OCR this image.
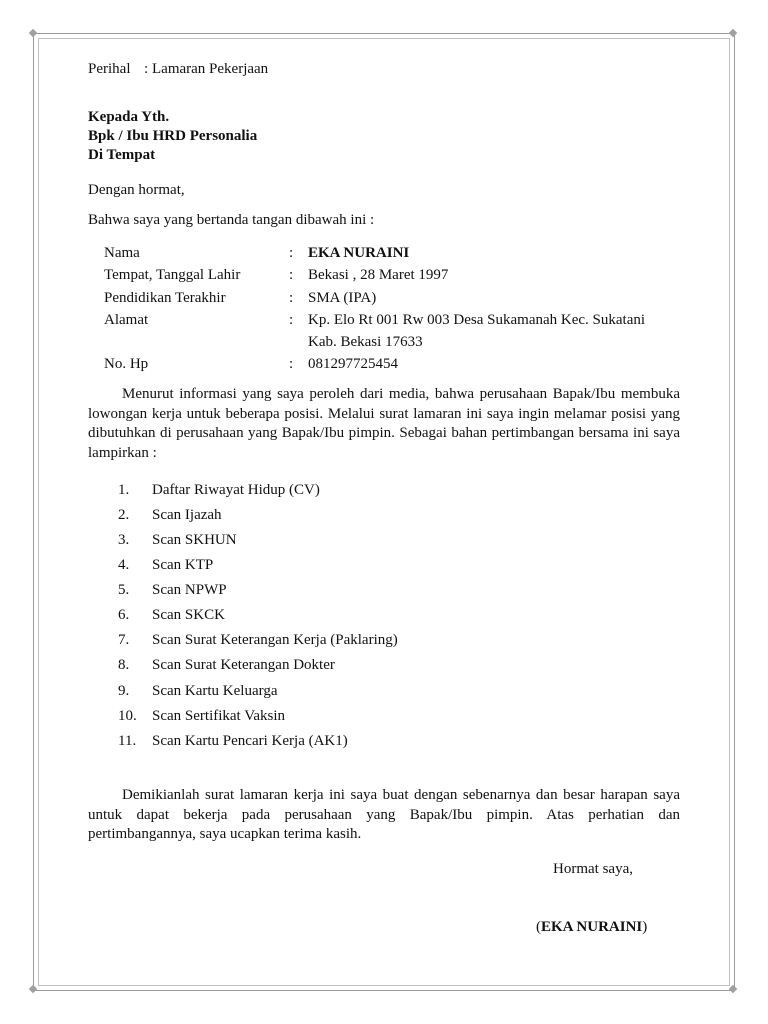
Perihal : Lamaran Pekerjaan
Kepada Yth.
Bpk / Ibu HRD Personalia
Di Tempat
Dengan hormat,
Bahwa saya yang bertanda tangan dibawah ini :
Nama	: EKA NURAINI
Tempat, Tanggal Lahir	: Bekasi , 28 Maret 1997
Pendidikan Terakhir	: SMA (IPA)
Alamat	: Kp. Elo Rt 001 Rw 003 Desa Sukamanah Kec. Sukatani
Kab. Bekasi 17633
No. Hp	: 081297725454

Menurut informasi yang saya peroleh dari media, bahwa perusahaan Bapak/Ibu membuka lowongan kerja untuk beberapa posisi. Melalui surat lamaran ini saya ingin melamar posisi yang dibutuhkan di perusahaan yang Bapak/Ibu pimpin. Sebagai bahan pertimbangan bersama ini saya lampirkan :

1.	Daftar Riwayat Hidup (CV)
2.	Scan Ijazah
3.	Scan SKHUN
4.	Scan KTP
5.	Scan NPWP
6.	Scan SKCK
7.	Scan Surat Keterangan Kerja (Paklaring)
8.	Scan Surat Keterangan Dokter
9.	Scan Kartu Keluarga
10.	Scan Sertifikat Vaksin
11.	Scan Kartu Pencari Kerja (AK1)

Demikianlah surat lamaran kerja ini saya buat dengan sebenarnya dan besar harapan saya untuk dapat bekerja pada perusahaan yang Bapak/Ibu pimpin. Atas perhatian dan pertimbangannya, saya ucapkan terima kasih.

Hormat saya,
(EKA NURAINI)
